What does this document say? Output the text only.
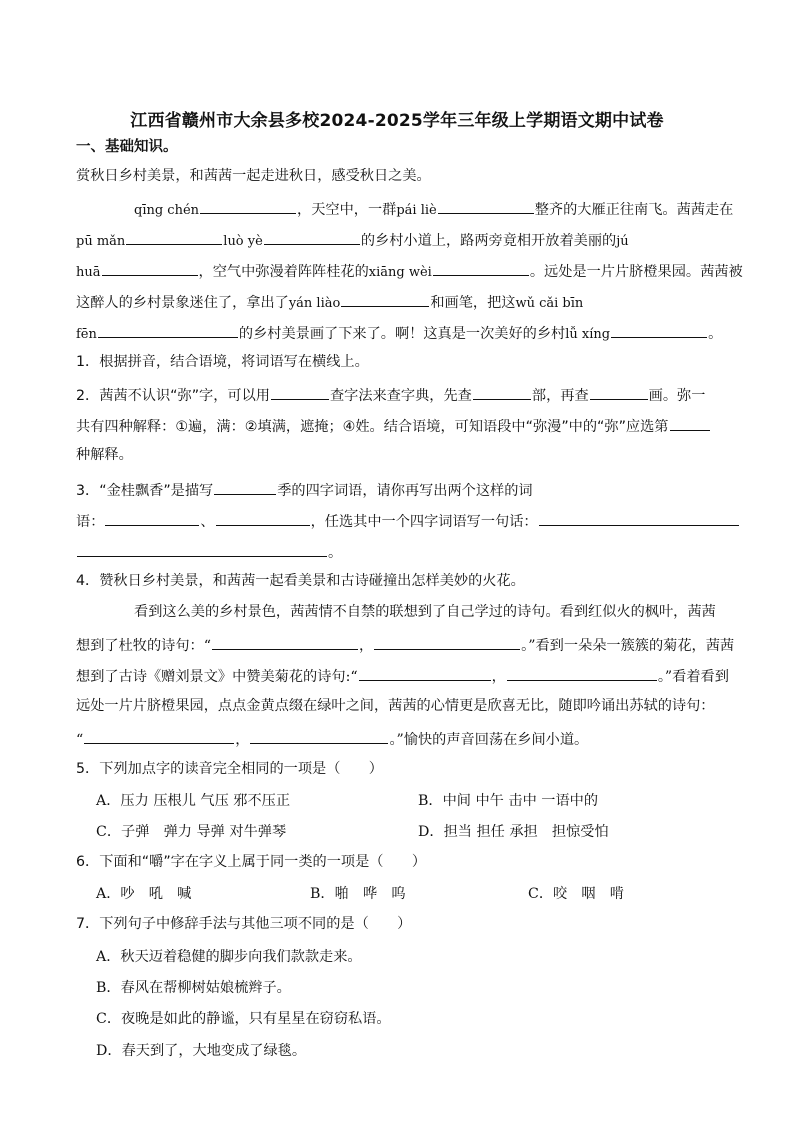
江西省赣州市大余县多校2024-2025学年三年级上学期语文期中试卷
一、基础知识。
赏秋日乡村美景，和茜茜一起走进秋日，感受秋日之美。
qīng chén	，天空中，一群pái liè	整齐的大雁正往南飞。茜茜走在
pū mǎn	luò yè	的乡村小道上，路两旁竟相开放着美丽的jú
huā	，空气中弥漫着阵阵桂花的xiāng wèi	。远处是一片片脐橙果园。茜茜被
这醉人的乡村景象迷住了，拿出了yán liào	和画笔，把这wǔ cǎi bīn
fēn	的乡村美景画了下来了。啊！这真是一次美好的乡村lǚ xíng	。
1．根据拼音，结合语境，将词语写在横线上。
2．茜茜不认识“弥”字，可以用	查字法来查字典，先查	部，再查	画。弥一
共有四种解释：①遍，满：②填满，遮掩；④姓。结合语境，可知语段中“弥漫”中的“弥”应选第
种解释。
3．“金桂飘香”是描写	季的四字词语，请你再写出两个这样的词
语：	、	，任选其中一个四字词语写一句话：
。
4．赞秋日乡村美景，和茜茜一起看美景和古诗碰撞出怎样美妙的火花。
看到这么美的乡村景色，茜茜情不自禁的联想到了自己学过的诗句。看到红似火的枫叶，茜茜
想到了杜牧的诗句：“	，	。”看到一朵朵一簇簇的菊花，茜茜
想到了古诗《赠刘景文》中赞美菊花的诗句:“	，	。”看着看到
远处一片片脐橙果园，点点金黄点缀在绿叶之间，茜茜的心情更是欣喜无比，随即吟诵出苏轼的诗句：
“	，	。”愉快的声音回荡在乡间小道。
5．下列加点字的读音完全相同的一项是（　　）
A．压力 压根儿 气压 邪不压正	B．中间 中午 击中 一语中的
C．子弹　弹力 导弹 对牛弹琴	D．担当 担任 承担　担惊受怕
6．下面和“嚼”字在字义上属于同一类的一项是（　　）
A．吵　吼　喊	B．啪　哗　呜	C．咬　咽　啃
7．下列句子中修辞手法与其他三项不同的是（　　）
A．秋天迈着稳健的脚步向我们款款走来。
B．春风在帮柳树姑娘梳辫子。
C．夜晚是如此的静谧，只有星星在窃窃私语。
D．春天到了，大地变成了绿毯。
